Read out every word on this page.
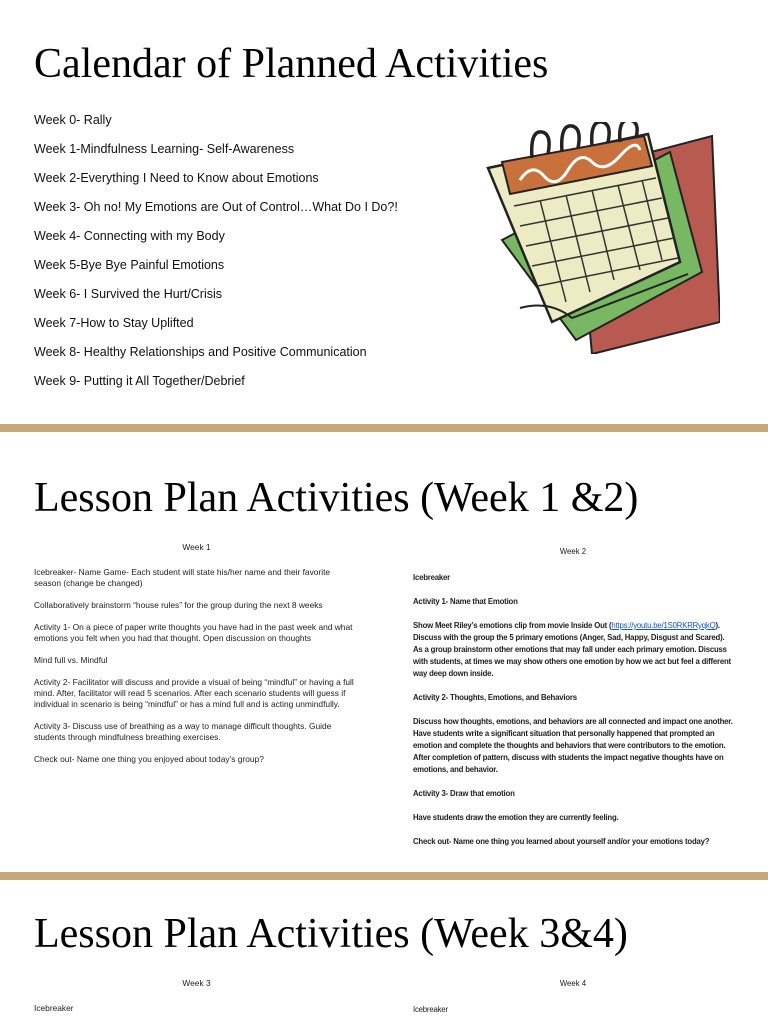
Calendar of Planned Activities
Week 0- Rally
Week 1-Mindfulness Learning- Self-Awareness
Week 2-Everything I Need to Know about Emotions
Week 3- Oh no! My Emotions are Out of Control…What Do I Do?!
Week 4- Connecting with my Body
Week 5-Bye Bye Painful Emotions
Week 6- I Survived the Hurt/Crisis
Week 7-How to Stay Uplifted
Week 8- Healthy Relationships and Positive Communication
Week 9- Putting it All Together/Debrief
Lesson Plan Activities (Week 1 &2)

Week 1

Icebreaker- Name Game- Each student will state his/her name and their favorite season (change be changed)

Collaboratively brainstorm “house rules” for the group during the next 8 weeks

Activity 1- On a piece of paper write thoughts you have had in the past week and what emotions you felt when you had that thought. Open discussion on thoughts

Mind full vs. Mindful

Activity 2- Facilitator will discuss and provide a visual of being “mindful” or having a full mind. After, facilitator will read 5 scenarios. After each scenario students will guess if individual in scenario is being “mindful” or has a mind full and is acting unmindfully.

Activity 3- Discuss use of breathing as a way to manage difficult thoughts. Guide students through mindfulness breathing exercises.

Check out- Name one thing you enjoyed about today’s group?

Week 2

Icebreaker

Activity 1- Name that Emotion

Show Meet Riley’s emotions clip from movie Inside Out (https://youtu.be/1S0RKRRyqkQ). Discuss with the group the 5 primary emotions (Anger, Sad, Happy, Disgust and Scared). As a group brainstorm other emotions that may fall under each primary emotion. Discuss with students, at times we may show others one emotion by how we act but feel a different way deep down inside.

Activity 2- Thoughts, Emotions, and Behaviors

Discuss how thoughts, emotions, and behaviors are all connected and impact one another. Have students write a significant situation that personally happened that prompted an emotion and complete the thoughts and behaviors that were contributors to the emotion. After completion of pattern, discuss with students the impact negative thoughts have on emotions, and behavior.

Activity 3- Draw that emotion

Have students draw the emotion they are currently feeling.

Check out- Name one thing you learned about yourself and/or your emotions today?

Lesson Plan Activities (Week 3&4)

Week 3

Icebreaker

Week 4

Icebreaker
